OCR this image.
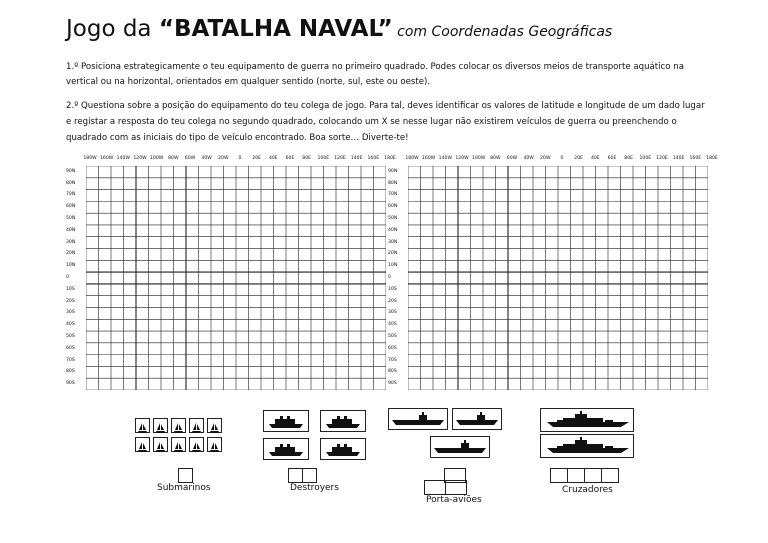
Jogo da “BATALHA NAVAL” com Coordenadas Geográficas
1.º Posiciona estrategicamente o teu equipamento de guerra no primeiro quadrado. Podes colocar os diversos meios de transporte aquático na vertical ou na horizontal, orientados em qualquer sentido (norte, sul, este ou oeste).
2.º Questiona sobre a posição do equipamento do teu colega de jogo. Para tal, deves identificar os valores de latitude e longitude de um dado lugar e registar a resposta do teu colega no segundo quadrado, colocando um X se nesse lugar não existirem veículos de guerra ou preenchendo o quadrado com as iniciais do tipo de veículo encontrado. Boa sorte… Diverte-te!
180W 160W 140W 120W 100W 80W 60W 40W 20W 0 20E 40E 60E 80E 100E 120E 140E 160E 180E
90N
80N
70N
60N
50N
40N
30N
20N
10N
0
10S
20S
30S
40S
50S
60S
70S
80S
90S
180W 160W 140W 120W 100W 80W 60W 40W 20W 0 20E 40E 60E 80E 100E 120E 140E 160E 180E
90N
80N
70N
60N
50N
40N
30N
20N
10N
0
10S
20S
30S
40S
50S
60S
70S
80S
90S
Submarinos	Destroyers
Porta-aviões
Cruzadores
